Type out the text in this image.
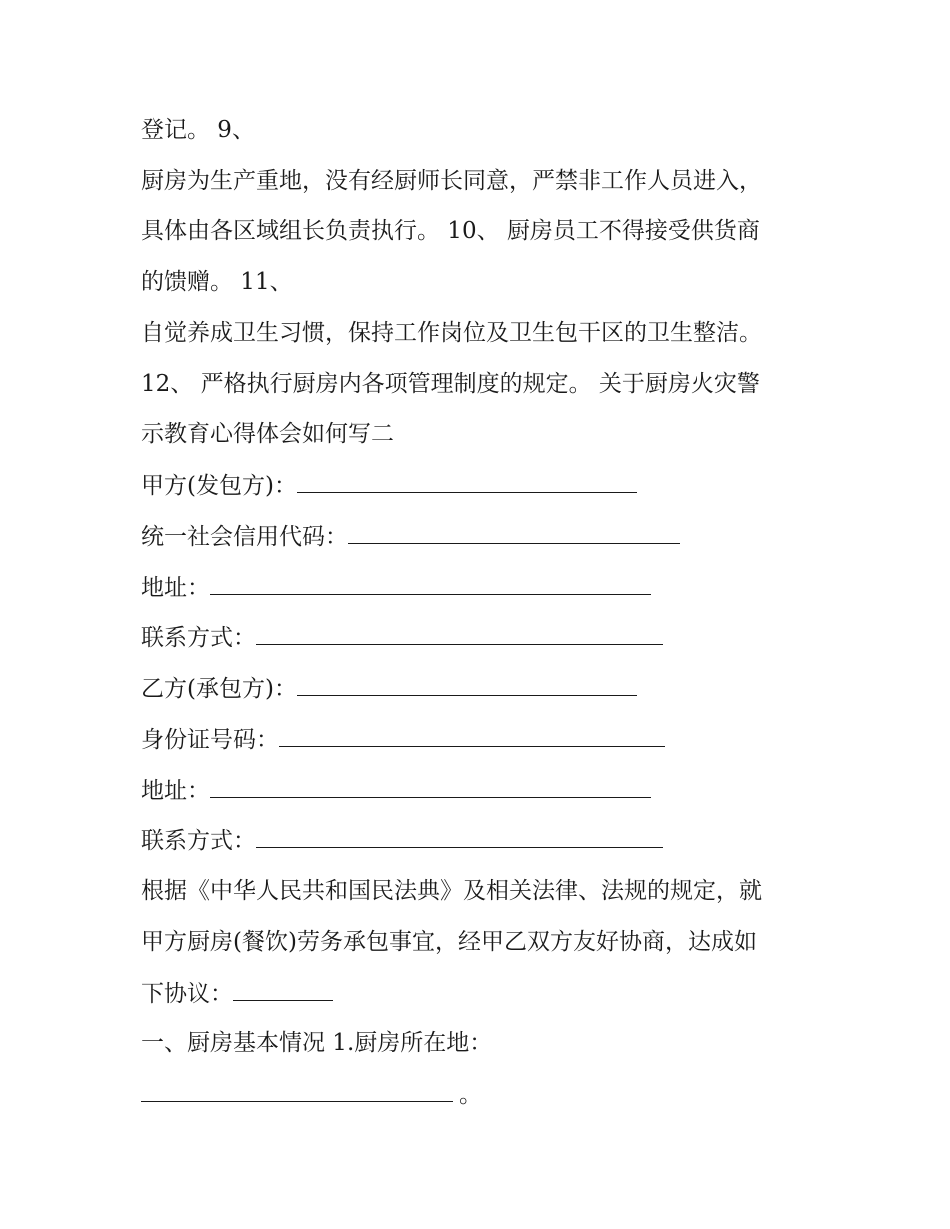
登记。 9、
厨房为生产重地，没有经厨师长同意，严禁非工作人员进入，
具体由各区域组长负责执行。 10、 厨房员工不得接受供货商
的馈赠。 11、
自觉养成卫生习惯，保持工作岗位及卫生包干区的卫生整洁。
12、 严格执行厨房内各项管理制度的规定。 关于厨房火灾警
示教育心得体会如何写二
甲方(发包方)：
统一社会信用代码：
地址：
联系方式：
乙方(承包方)：
身份证号码：
地址：
联系方式：
根据《中华人民共和国民法典》及相关法律、法规的规定，就
甲方厨房(餐饮)劳务承包事宜，经甲乙双方友好协商，达成如
下协议：
一、厨房基本情况 1.厨房所在地：
。
